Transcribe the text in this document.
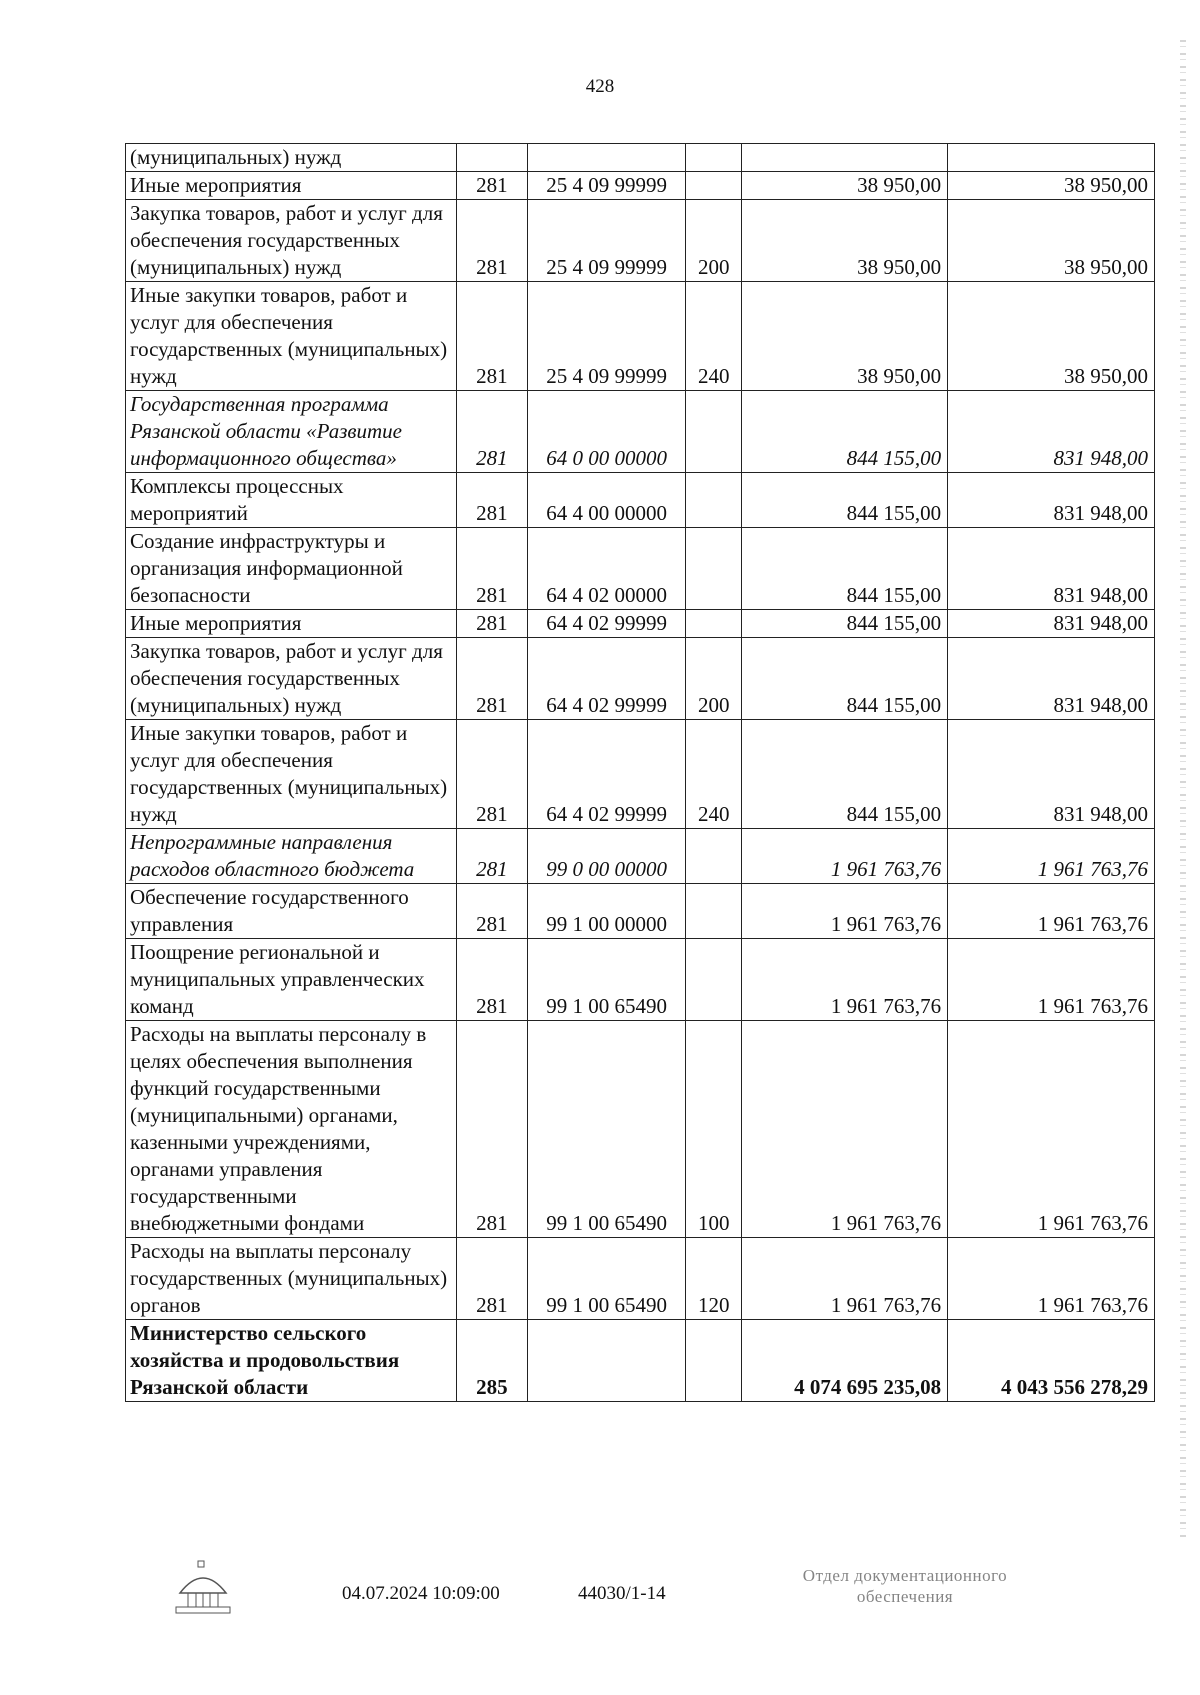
428
(муниципальных) нужд					
Иные мероприятия	281	25 4 09 99999		38 950,00	38 950,00
Закупка товаров, работ и услуг для обеспечения государственных (муниципальных) нужд	281	25 4 09 99999	200	38 950,00	38 950,00
Иные закупки товаров, работ и услуг для обеспечения государственных (муниципальных) нужд	281	25 4 09 99999	240	38 950,00	38 950,00
Государственная программа Рязанской области «Развитие информационного общества»	281	64 0 00 00000		844 155,00	831 948,00
Комплексы процессных мероприятий	281	64 4 00 00000		844 155,00	831 948,00
Создание инфраструктуры и организация информационной безопасности	281	64 4 02 00000		844 155,00	831 948,00
Иные мероприятия	281	64 4 02 99999		844 155,00	831 948,00
Закупка товаров, работ и услуг для обеспечения государственных (муниципальных) нужд	281	64 4 02 99999	200	844 155,00	831 948,00
Иные закупки товаров, работ и услуг для обеспечения государственных (муниципальных) нужд	281	64 4 02 99999	240	844 155,00	831 948,00
Непрограммные направления расходов областного бюджета	281	99 0 00 00000		1 961 763,76	1 961 763,76
Обеспечение государственного управления	281	99 1 00 00000		1 961 763,76	1 961 763,76
Поощрение региональной и муниципальных управленческих команд	281	99 1 00 65490		1 961 763,76	1 961 763,76
Расходы на выплаты персоналу в целях обеспечения выполнения функций государственными (муниципальными) органами, казенными учреждениями, органами управления государственными внебюджетными фондами	281	99 1 00 65490	100	1 961 763,76	1 961 763,76
Расходы на выплаты персоналу государственных (муниципальных) органов	281	99 1 00 65490	120	1 961 763,76	1 961 763,76
Министерство сельского хозяйства и продовольствия Рязанской области	285			4 074 695 235,08	4 043 556 278,29
04.07.2024 10:09:00	44030/1-14
Отдел документационного обеспечения
